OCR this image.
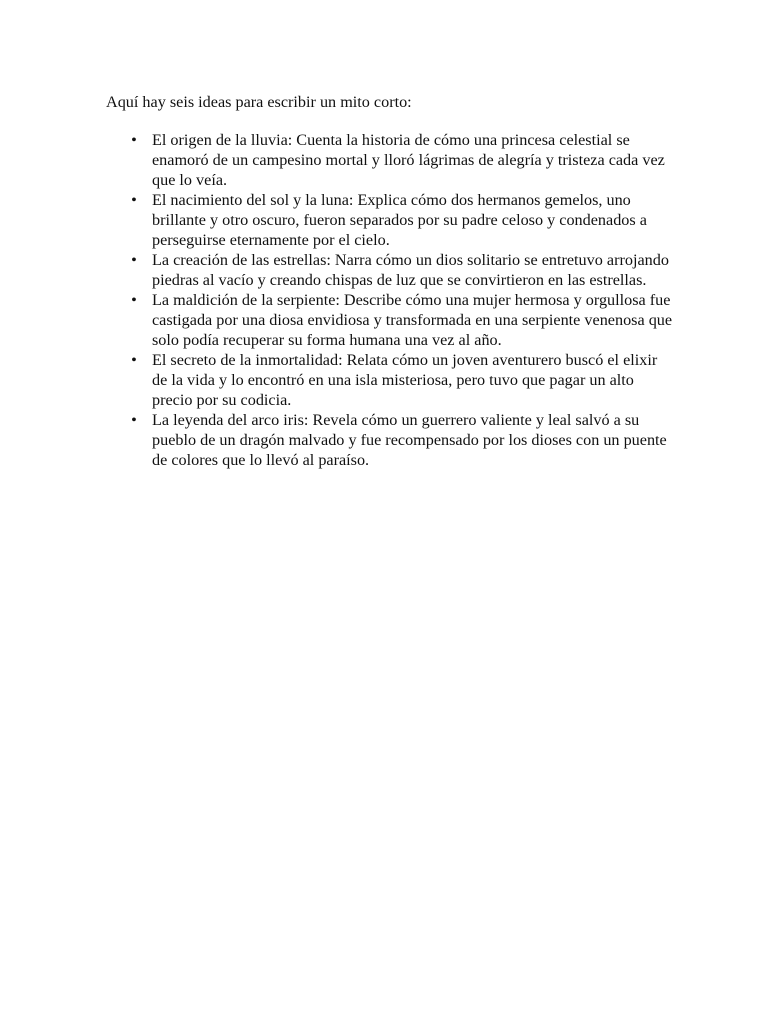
Aquí hay seis ideas para escribir un mito corto:

• El origen de la lluvia: Cuenta la historia de cómo una princesa celestial se enamoró de un campesino mortal y lloró lágrimas de alegría y tristeza cada vez que lo veía.
• El nacimiento del sol y la luna: Explica cómo dos hermanos gemelos, uno brillante y otro oscuro, fueron separados por su padre celoso y condenados a perseguirse eternamente por el cielo.
• La creación de las estrellas: Narra cómo un dios solitario se entretuvo arrojando piedras al vacío y creando chispas de luz que se convirtieron en las estrellas.
• La maldición de la serpiente: Describe cómo una mujer hermosa y orgullosa fue castigada por una diosa envidiosa y transformada en una serpiente venenosa que solo podía recuperar su forma humana una vez al año.
• El secreto de la inmortalidad: Relata cómo un joven aventurero buscó el elixir de la vida y lo encontró en una isla misteriosa, pero tuvo que pagar un alto precio por su codicia.
• La leyenda del arco iris: Revela cómo un guerrero valiente y leal salvó a su pueblo de un dragón malvado y fue recompensado por los dioses con un puente de colores que lo llevó al paraíso.
